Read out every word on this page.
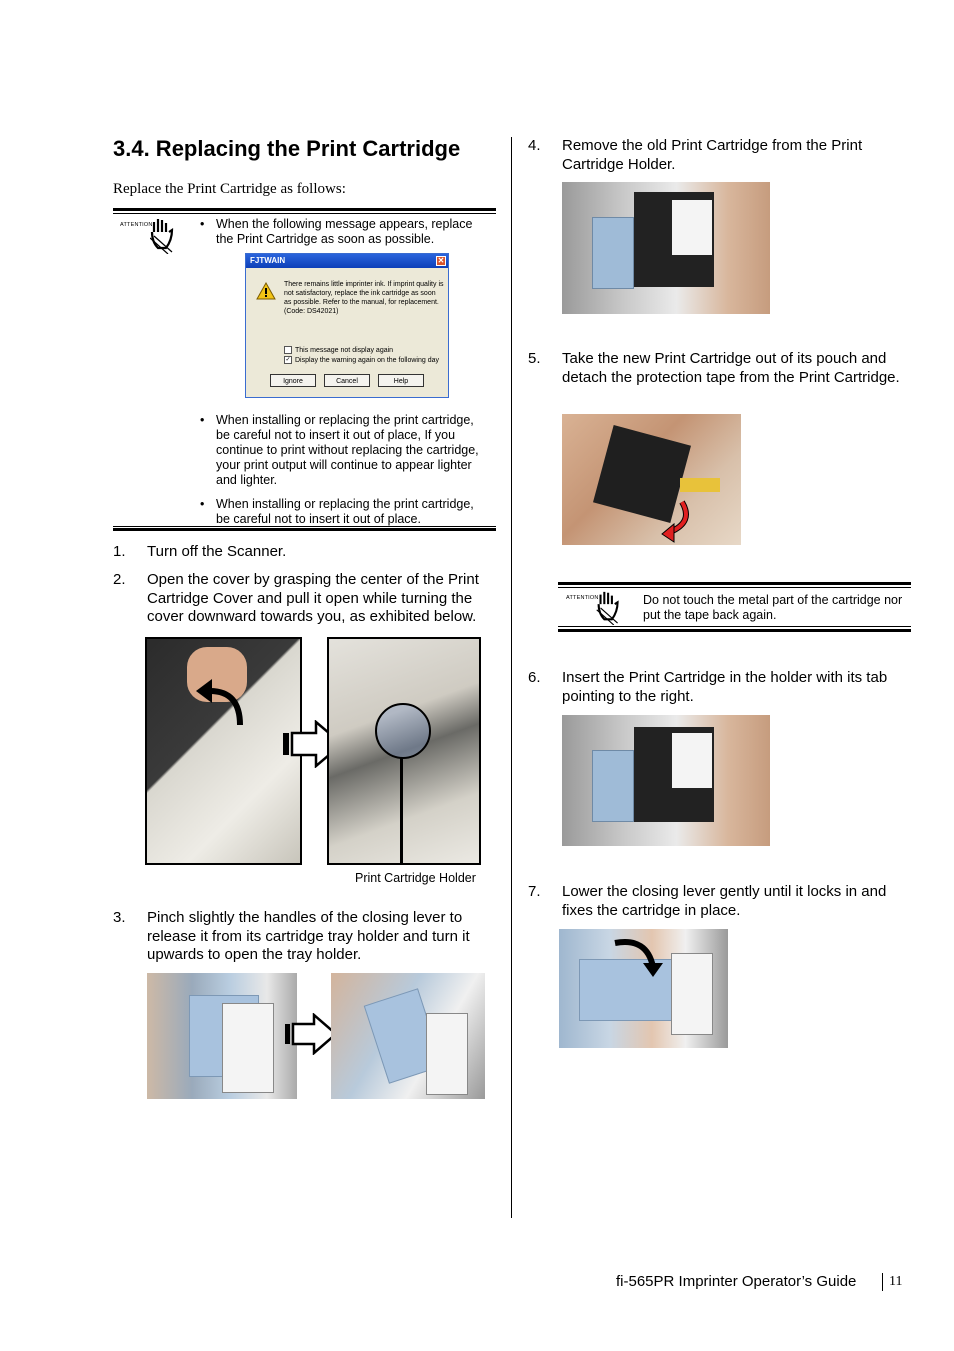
3.4. Replacing the Print Cartridge
Replace the Print Cartridge as follows:
ATTENTION	• When the following message appears, replace the Print Cartridge as soon as possible.
FJTWAIN	✕
There remains little imprinter ink. If imprint quality is not satisfactory, replace the ink cartridge as soon as possible. Refer to the manual, for replacement. (Code: DS42021)
This message not display again
✓ Display the warning again on the following day
Ignore	Cancel	Help
• When installing or replacing the print cartridge, be careful not to insert it out of place, If you continue to print without replacing the cartridge, your print output will continue to appear lighter and lighter.
• When installing or replacing the print cartridge, be careful not to insert it out of place.
1. Turn off the Scanner.
2. Open the cover by grasping the center of the Print Cartridge Cover and pull it open while turning the cover downward towards you, as exhibited below.
Print Cartridge Holder
3. Pinch slightly the handles of the closing lever to release it from its cartridge tray holder and turn it upwards to open the tray holder.
4. Remove the old Print Cartridge from the Print Cartridge Holder.
5. Take the new Print Cartridge out of its pouch and detach the protection tape from the Print Cartridge.
ATTENTION	Do not touch the metal part of the cartridge nor put the tape back again.
6. Insert the Print Cartridge in the holder with its tab pointing to the right.
7. Lower the closing lever gently until it locks in and fixes the cartridge in place.
fi-565PR Imprinter Operator’s Guide 11
